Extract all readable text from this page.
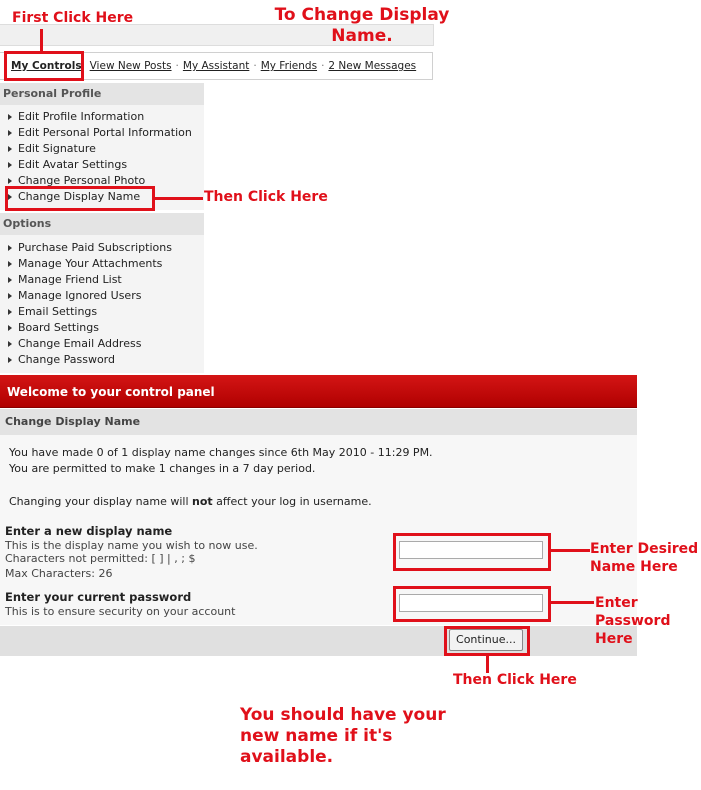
My Controls View New Posts · My Assistant · My Friends · 2 New Messages
Personal Profile
Edit Profile Information
Edit Personal Portal Information
Edit Signature
Edit Avatar Settings
Change Personal Photo
Change Display Name
Options
Purchase Paid Subscriptions
Manage Your Attachments
Manage Friend List
Manage Ignored Users
Email Settings
Board Settings
Change Email Address
Change Password
Welcome to your control panel
Change Display Name
You have made 0 of 1 display name changes since 6th May 2010 - 11:29 PM.
You are permitted to make 1 changes in a 7 day period.
Changing your display name will not affect your log in username.
Enter a new display name
This is the display name you wish to now use.
Characters not permitted: [ ] | , ; $
Max Characters: 26
Enter your current password
This is to ensure security on your account
Continue...
First Click Here	To Change Display
Name.
Then Click Here
Enter Desired
Name Here
Enter
Password
Here
Then Click Here
You should have your
new name if it's
available.
